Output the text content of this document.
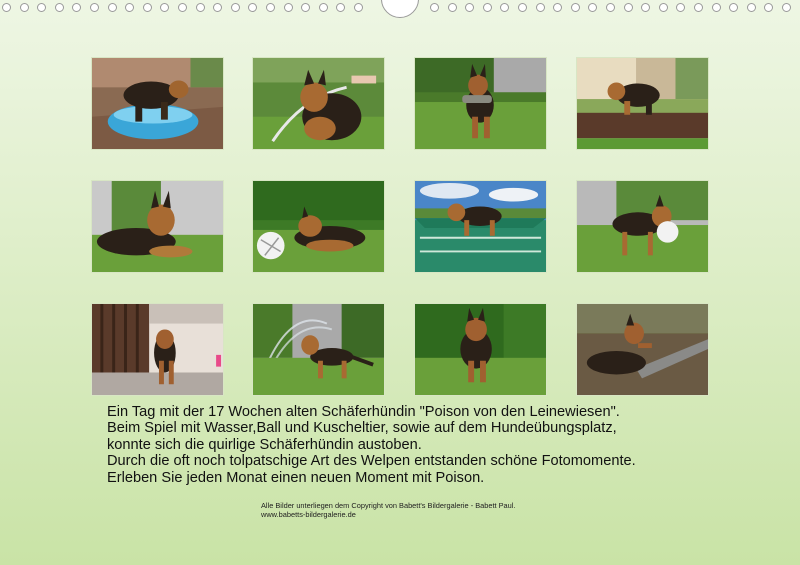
Ein Tag mit der 17 Wochen alten Schäferhündin "Poison von den Leinewiesen".
Beim Spiel mit Wasser,Ball und Kuscheltier, sowie auf dem Hundeübungsplatz,
konnte sich die quirlige Schäferhündin austoben.
Durch die oft noch tolpatschige Art des Welpen entstanden schöne Fotomomente.
Erleben Sie jeden Monat einen neuen Moment mit Poison.
Alle Bilder unterliegen dem Copyright von Babett's Bildergalerie - Babett Paul.
www.babetts-bildergalerie.de
